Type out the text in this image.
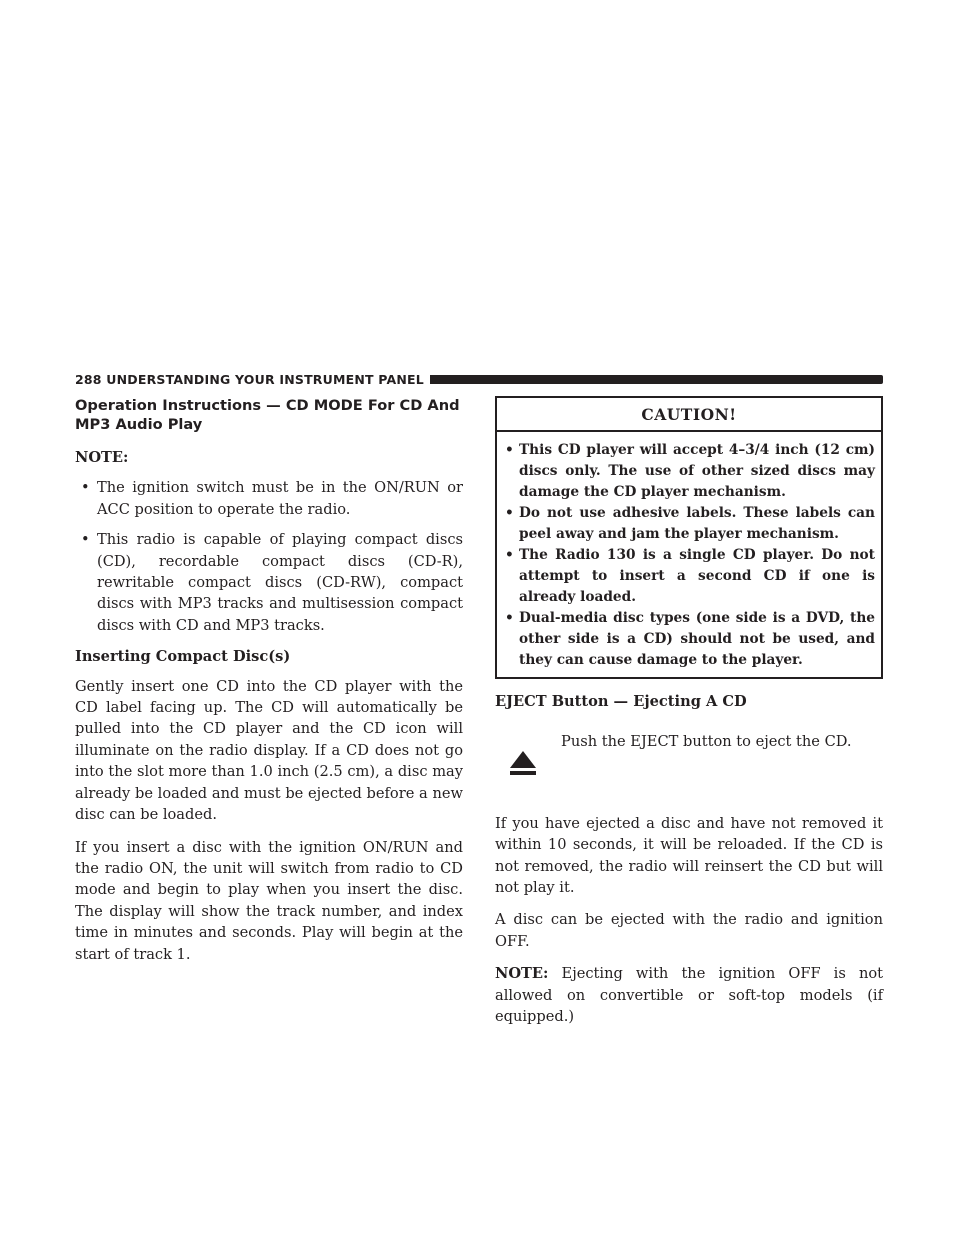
288 UNDERSTANDING YOUR INSTRUMENT PANEL
Operation Instructions — CD MODE For CD And MP3 Audio Play
NOTE:
• The ignition switch must be in the ON/RUN or ACC position to operate the radio.
• This radio is capable of playing compact discs (CD), recordable compact discs (CD-R), rewritable compact discs (CD-RW), compact discs with MP3 tracks and multisession compact discs with CD and MP3 tracks.
Inserting Compact Disc(s)

Gently insert one CD into the CD player with the CD label facing up. The CD will automatically be pulled into the CD player and the CD icon will illuminate on the radio display. If a CD does not go into the slot more than 1.0 inch (2.5 cm), a disc may already be loaded and must be ejected before a new disc can be loaded.

If you insert a disc with the ignition ON/RUN and the radio ON, the unit will switch from radio to CD mode and begin to play when you insert the disc. The display will show the track number, and index time in minutes and seconds. Play will begin at the start of track 1.

CAUTION!
• This CD player will accept 4–3/4 inch (12 cm) discs only. The use of other sized discs may damage the CD player mechanism.
• Do not use adhesive labels. These labels can peel away and jam the player mechanism.
• The Radio 130 is a single CD player. Do not attempt to insert a second CD if one is already loaded.
• Dual-media disc types (one side is a DVD, the other side is a CD) should not be used, and they can cause damage to the player.
EJECT Button — Ejecting A CD
Push the EJECT button to eject the CD.

If you have ejected a disc and have not removed it within 10 seconds, it will be reloaded. If the CD is not removed, the radio will reinsert the CD but will not play it.

A disc can be ejected with the radio and ignition OFF.

NOTE: Ejecting with the ignition OFF is not allowed on convertible or soft-top models (if equipped.)
